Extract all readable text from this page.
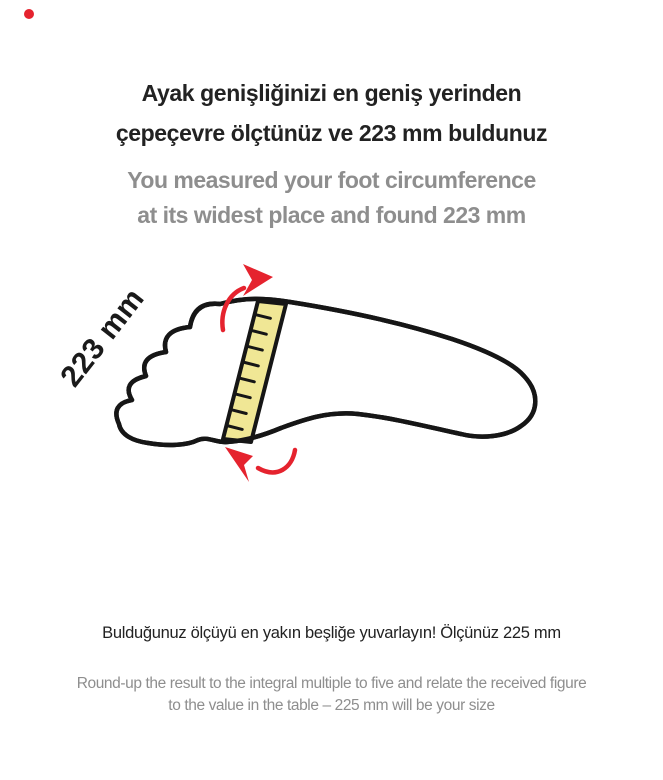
Ayak genişliğinizi en geniş yerinden
çepeçevre ölçtünüz ve 223 mm buldunuz
You measured your foot circumference
at its widest place and found 223 mm
223 mm

Bulduğunuz ölçüyü en yakın beşliğe yuvarlayın! Ölçünüz 225 mm

Round-up the result to the integral multiple to five and relate the received figure
to the value in the table – 225 mm will be your size
